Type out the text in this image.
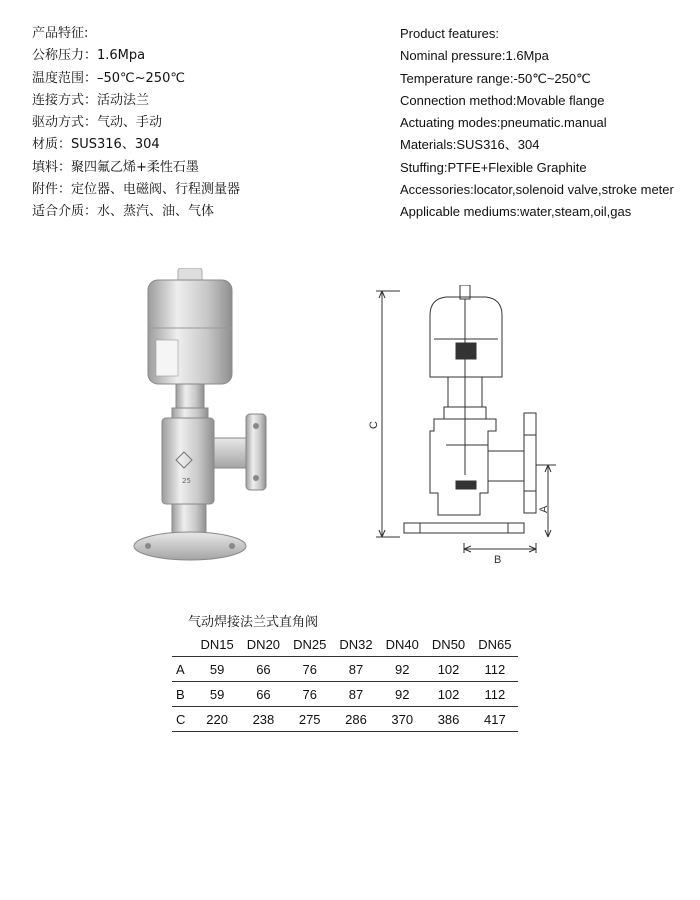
产品特征:
公称压力：1.6Mpa
温度范围：–50℃~250℃
连接方式：活动法兰
驱动方式：气动、手动
材质：SUS316、304
填料：聚四氟乙烯+柔性石墨
附件：定位器、电磁阀、行程测量器
适合介质：水、蒸汽、油、气体
Product features:
Nominal pressure:1.6Mpa
Temperature range:-50℃~250℃
Connection method:Movable flange
Actuating modes:pneumatic.manual
Materials:SUS316、304
Stuffing:PTFE+Flexible Graphite
Accessories:locator,solenoid valve,stroke meter
Applicable mediums:water,steam,oil,gas
25
C
A
B
气动焊接法兰式直角阀
	DN15	DN20	DN25	DN32	DN40	DN50	DN65
A	59	66	76	87	92	102	112
B	59	66	76	87	92	102	112
C	220	238	275	286	370	386	417
